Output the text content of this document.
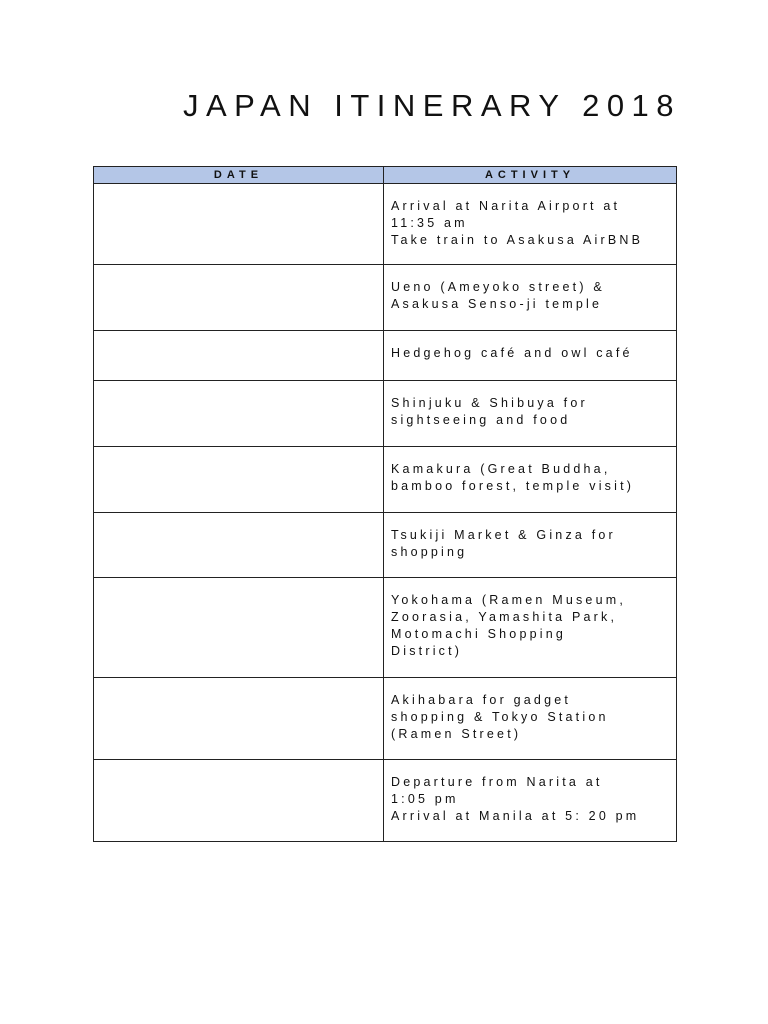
JAPAN ITINERARY 2018
DATE	ACTIVITY
	Arrival at Narita Airport at
11:35 am
Take train to Asakusa AirBNB
	Ueno (Ameyoko street) &
Asakusa Senso-ji temple
	Hedgehog café and owl café
	Shinjuku & Shibuya for
sightseeing and food
	Kamakura (Great Buddha,
bamboo forest, temple visit)
	Tsukiji Market & Ginza for
shopping
	Yokohama (Ramen Museum,
Zoorasia, Yamashita Park,
Motomachi Shopping
District)
	Akihabara for gadget
shopping & Tokyo Station
(Ramen Street)
	Departure from Narita at
1:05 pm
Arrival at Manila at 5: 20 pm
